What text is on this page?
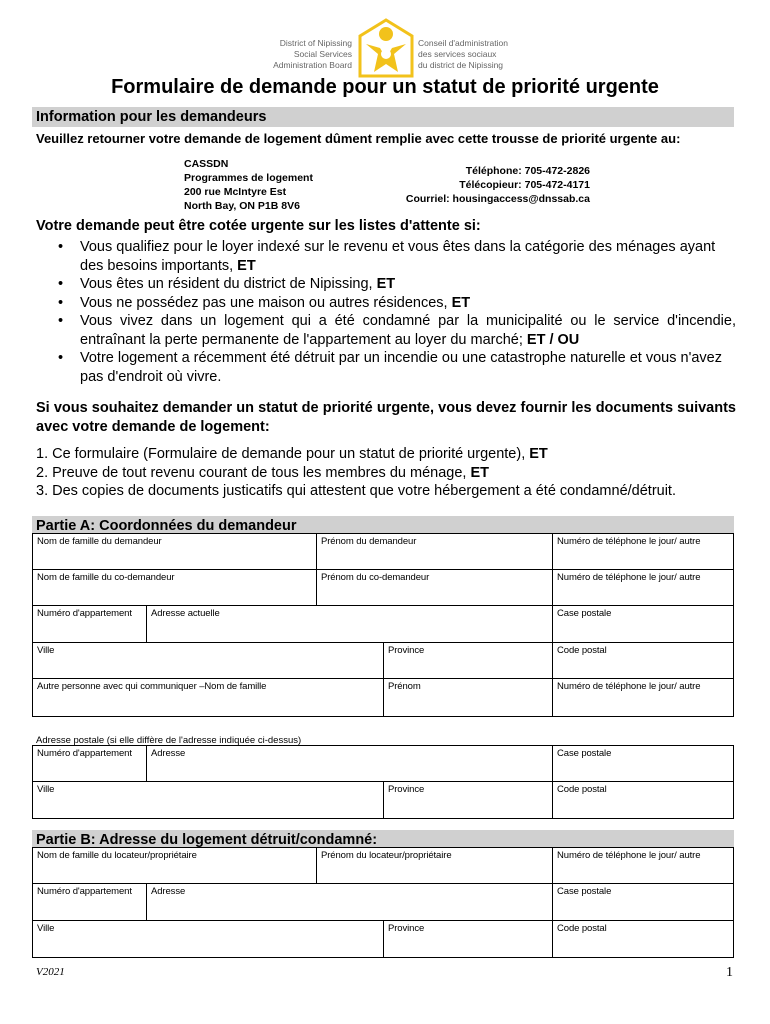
District of Nipissing
Social Services
Administration Board
Conseil d'administration
des services sociaux
du district de Nipissing
Formulaire de demande pour un statut de priorité urgente
Information pour les demandeurs
Veuillez retourner votre demande de logement dûment remplie avec cette trousse de priorité urgente au:
CASSDN
Programmes de logement
200 rue McIntyre Est
North Bay, ON P1B 8V6
Téléphone: 705-472-2826
Télécopieur: 705-472-4171
Courriel: housingaccess@dnssab.ca
Votre demande peut être cotée urgente sur les listes d'attente si:
• Vous qualifiez pour le loyer indexé sur le revenu et vous êtes dans la catégorie des ménages ayant des besoins importants, ET
• Vous êtes un résident du district de Nipissing, ET
• Vous ne possédez pas une maison ou autres résidences, ET
• Vous vivez dans un logement qui a été condamné par la municipalité ou le service d'incendie, entraînant la perte permanente de l'appartement au loyer du marché; ET / OU
• Votre logement a récemment été détruit par un incendie ou une catastrophe naturelle et vous n'avez pas d'endroit où vivre.
Si vous souhaitez demander un statut de priorité urgente, vous devez fournir les documents suivants avec votre demande de logement:
1. Ce formulaire (Formulaire de demande pour un statut de priorité urgente), ET
2. Preuve de tout revenu courant de tous les membres du ménage, ET
3. Des copies de documents justicatifs qui attestent que votre hébergement a été condamné/détruit.
Partie A: Coordonnées du demandeur
Nom de famille du demandeur	Prénom du demandeur	Numéro de téléphone le jour/ autre
Nom de famille du co-demandeur	Prénom du co-demandeur	Numéro de téléphone le jour/ autre
Numéro d'appartement	Adresse actuelle	Case postale
Ville	Province	Code postal
Autre personne avec qui communiquer –Nom de famille	Prénom	Numéro de téléphone le jour/ autre
Adresse postale (si elle diffère de l'adresse indiquée ci-dessus)
Numéro d'appartement	Adresse	Case postale
Ville	Province	Code postal
Partie B: Adresse du logement détruit/condamné:
Nom de famille du locateur/propriétaire	Prénom du locateur/propriétaire	Numéro de téléphone le jour/ autre
Numéro d'appartement	Adresse	Case postale
Ville	Province	Code postal
V2021	1
